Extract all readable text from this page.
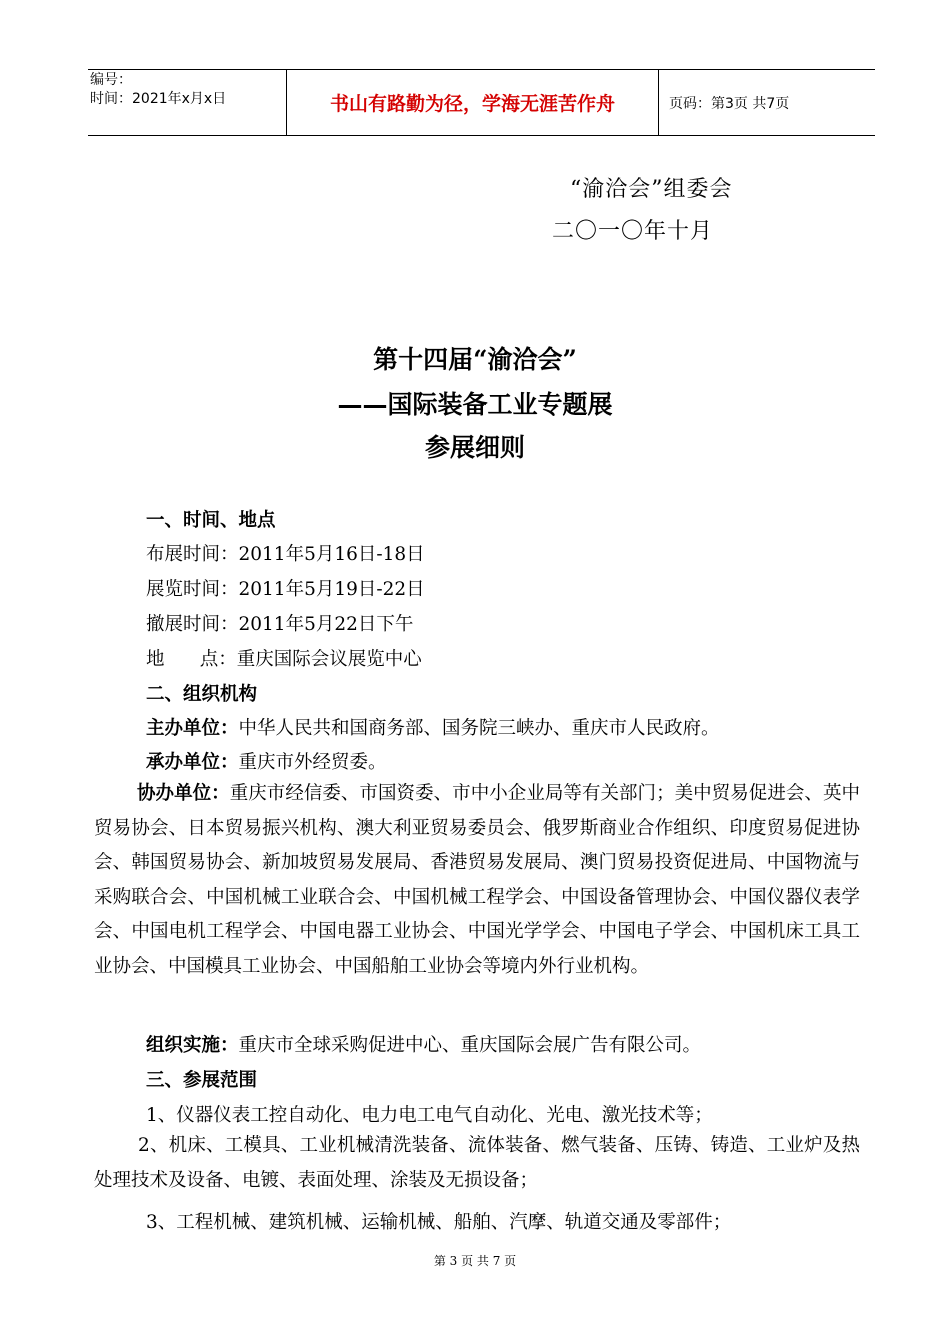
编号：
时间：2021年x月x日	书山有路勤为径，学海无涯苦作舟	页码：第3页 共7页
“渝洽会”组委会
二〇一〇年十月
第十四届“渝洽会”
——国际装备工业专题展
参展细则
一、时间、地点
布展时间：2011年5月16日-18日
展览时间：2011年5月19日-22日
撤展时间：2011年5月22日下午
地      点：重庆国际会议展览中心
二、组织机构
主办单位：中华人民共和国商务部、国务院三峡办、重庆市人民政府。
承办单位：重庆市外经贸委。

协办单位：重庆市经信委、市国资委、市中小企业局等有关部门；美中贸易促进会、英中贸易协会、日本贸易振兴机构、澳大利亚贸易委员会、俄罗斯商业合作组织、印度贸易促进协会、韩国贸易协会、新加坡贸易发展局、香港贸易发展局、澳门贸易投资促进局、中国物流与采购联合会、中国机械工业联合会、中国机械工程学会、中国设备管理协会、中国仪器仪表学会、中国电机工程学会、中国电器工业协会、中国光学学会、中国电子学会、中国机床工具工业协会、中国模具工业协会、中国船舶工业协会等境内外行业机构。

组织实施：重庆市全球采购促进中心、重庆国际会展广告有限公司。
三、参展范围
1、仪器仪表工控自动化、电力电工电气自动化、光电、激光技术等；

2、机床、工模具、工业机械清洗装备、流体装备、燃气装备、压铸、铸造、工业炉及热处理技术及设备、电镀、表面处理、涂装及无损设备；

3、工程机械、建筑机械、运输机械、船舶、汽摩、轨道交通及零部件；
第 3 页 共 7 页
